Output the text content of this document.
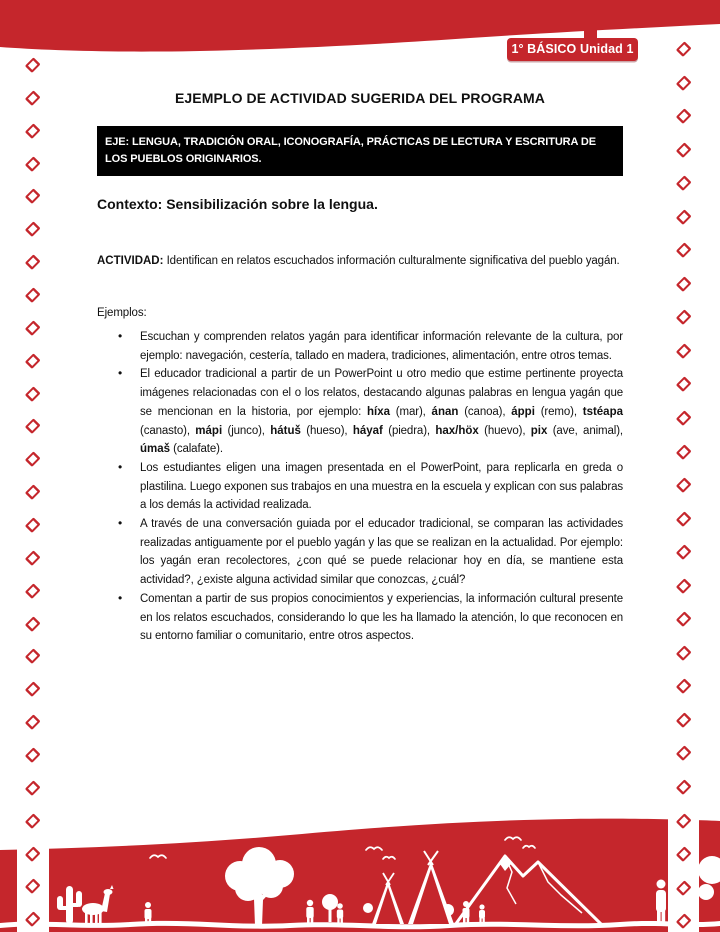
1° BÁSICO Unidad 1
EJEMPLO DE ACTIVIDAD SUGERIDA DEL PROGRAMA
EJE: LENGUA, TRADICIÓN ORAL, ICONOGRAFÍA, PRÁCTICAS DE LECTURA Y ESCRITURA DE LOS PUEBLOS ORIGINARIOS.

Contexto: Sensibilización sobre la lengua.

ACTIVIDAD: Identifican en relatos escuchados información culturalmente significativa del pueblo yagán.

Ejemplos:

• Escuchan y comprenden relatos yagán para identificar información relevante de la cultura, por ejemplo: navegación, cestería, tallado en madera, tradiciones, alimentación, entre otros temas.
• El educador tradicional a partir de un PowerPoint u otro medio que estime pertinente proyecta imágenes relacionadas con el o los relatos, destacando algunas palabras en lengua yagán que se mencionan en la historia, por ejemplo: híxa (mar), ánan (canoa), áppi (remo), tstéapa (canasto), mápi (junco), hátuš (hueso), háyaf (piedra), hax/höx (huevo), pix (ave, animal), úmaš (calafate).
• Los estudiantes eligen una imagen presentada en el PowerPoint, para replicarla en greda o plastilina. Luego exponen sus trabajos en una muestra en la escuela y explican con sus palabras a los demás la actividad realizada.
• A través de una conversación guiada por el educador tradicional, se comparan las actividades realizadas antiguamente por el pueblo yagán y las que se realizan en la actualidad. Por ejemplo: los yagán eran recolectores, ¿con qué se puede relacionar hoy en día, se mantiene esta actividad?, ¿existe alguna actividad similar que conozcas, ¿cuál?
• Comentan a partir de sus propios conocimientos y experiencias, la información cultural presente en los relatos escuchados, considerando lo que les ha llamado la atención, lo que reconocen en su entorno familiar o comunitario, entre otros aspectos.
